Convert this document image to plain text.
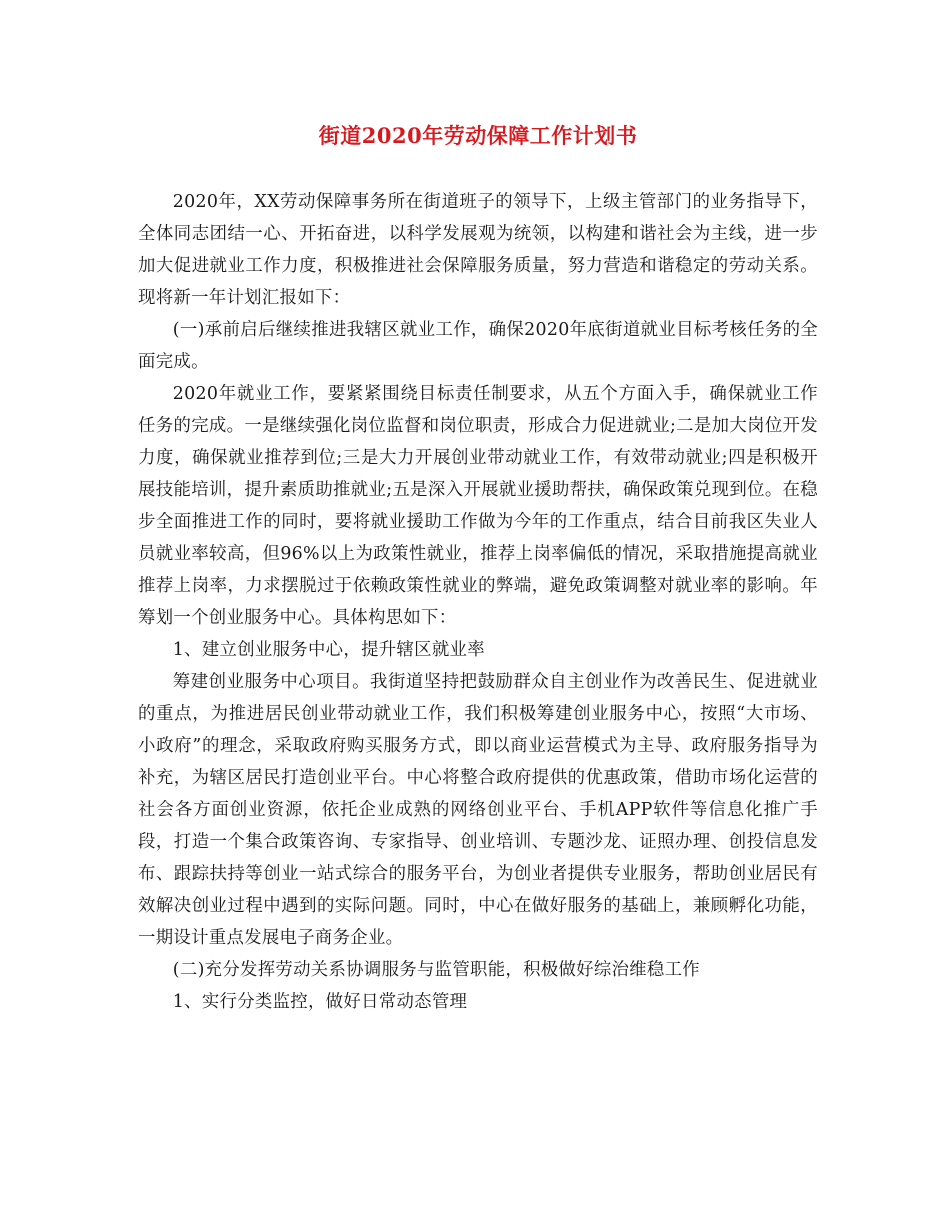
街道2020年劳动保障工作计划书

2020年，XX劳动保障事务所在街道班子的领导下，上级主管部门的业务指导下，全体同志团结一心、开拓奋进，以科学发展观为统领，以构建和谐社会为主线，进一步加大促进就业工作力度，积极推进社会保障服务质量，努力营造和谐稳定的劳动关系。现将新一年计划汇报如下：

(一)承前启后继续推进我辖区就业工作，确保2020年底街道就业目标考核任务的全面完成。

2020年就业工作，要紧紧围绕目标责任制要求，从五个方面入手，确保就业工作任务的完成。一是继续强化岗位监督和岗位职责，形成合力促进就业;二是加大岗位开发力度，确保就业推荐到位;三是大力开展创业带动就业工作，有效带动就业;四是积极开展技能培训，提升素质助推就业;五是深入开展就业援助帮扶，确保政策兑现到位。在稳步全面推进工作的同时，要将就业援助工作做为今年的工作重点，结合目前我区失业人员就业率较高，但96%以上为政策性就业，推荐上岗率偏低的情况，采取措施提高就业推荐上岗率，力求摆脱过于依赖政策性就业的弊端，避免政策调整对就业率的影响。年筹划一个创业服务中心。具体构思如下：

1、建立创业服务中心，提升辖区就业率

筹建创业服务中心项目。我街道坚持把鼓励群众自主创业作为改善民生、促进就业的重点，为推进居民创业带动就业工作，我们积极筹建创业服务中心，按照“大市场、小政府”的理念，采取政府购买服务方式，即以商业运营模式为主导、政府服务指导为补充，为辖区居民打造创业平台。中心将整合政府提供的优惠政策，借助市场化运营的社会各方面创业资源，依托企业成熟的网络创业平台、手机APP软件等信息化推广手段，打造一个集合政策咨询、专家指导、创业培训、专题沙龙、证照办理、创投信息发布、跟踪扶持等创业一站式综合的服务平台，为创业者提供专业服务，帮助创业居民有效解决创业过程中遇到的实际问题。同时，中心在做好服务的基础上，兼顾孵化功能，一期设计重点发展电子商务企业。

(二)充分发挥劳动关系协调服务与监管职能，积极做好综治维稳工作

1、实行分类监控，做好日常动态管理
